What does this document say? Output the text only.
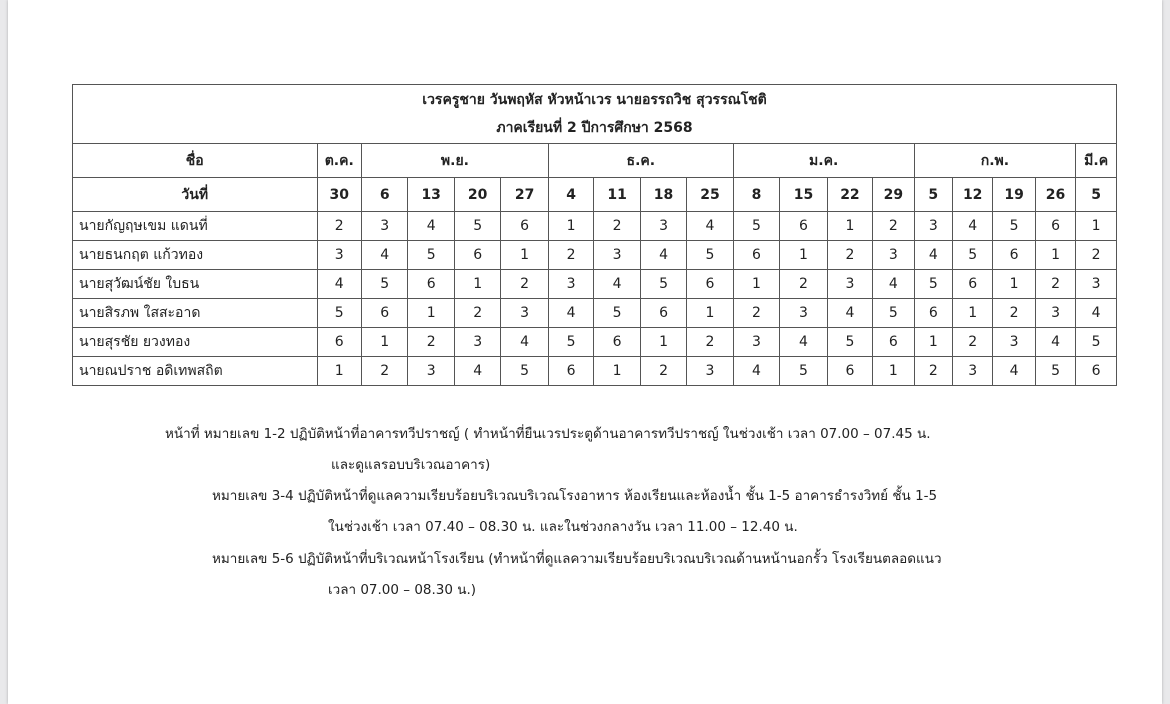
เวรครูชาย วันพฤหัส หัวหน้าเวร นายอรรถวิช สุวรรณโชติ
ภาคเรียนที่ 2 ปีการศึกษา 2568																		

ชื่อ	ต.ค.	พ.ย.				ธ.ค.				ม.ค.				ก.พ.				มี.ค
วันที่	30	6	13	20	27	4	11	18	25	8	15	22	29	5	12	19	26	5
นายกัญฤษเขม แดนที่	2	3	4	5	6	1	2	3	4	5	6	1	2	3	4	5	6	1
นายธนกฤต แก้วทอง	3	4	5	6	1	2	3	4	5	6	1	2	3	4	5	6	1	2
นายสุวัฒน์ชัย ใบธน	4	5	6	1	2	3	4	5	6	1	2	3	4	5	6	1	2	3
นายสิรภพ ใสสะอาด	5	6	1	2	3	4	5	6	1	2	3	4	5	6	1	2	3	4
นายสุรชัย ยวงทอง	6	1	2	3	4	5	6	1	2	3	4	5	6	1	2	3	4	5
นายณปราช อดิเทพสถิต	1	2	3	4	5	6	1	2	3	4	5	6	1	2	3	4	5	6
หน้าที่ หมายเลข 1-2 ปฏิบัติหน้าที่อาคารทวีปราชญ์ ( ทำหน้าที่ยืนเวรประตูด้านอาคารทวีปราชญ์ ในช่วงเช้า เวลา 07.00 – 07.45 น.
และดูแลรอบบริเวณอาคาร)
หมายเลข 3-4 ปฏิบัติหน้าที่ดูแลความเรียบร้อยบริเวณบริเวณโรงอาหาร ห้องเรียนและห้องน้ำ ชั้น 1-5 อาคารธำรงวิทย์ ชั้น 1-5
ในช่วงเช้า เวลา 07.40 – 08.30 น. และในช่วงกลางวัน เวลา 11.00 – 12.40 น.
หมายเลข 5-6 ปฏิบัติหน้าที่บริเวณหน้าโรงเรียน (ทำหน้าที่ดูแลความเรียบร้อยบริเวณบริเวณด้านหน้านอกรั้ว โรงเรียนตลอดแนว
เวลา 07.00 – 08.30 น.)
